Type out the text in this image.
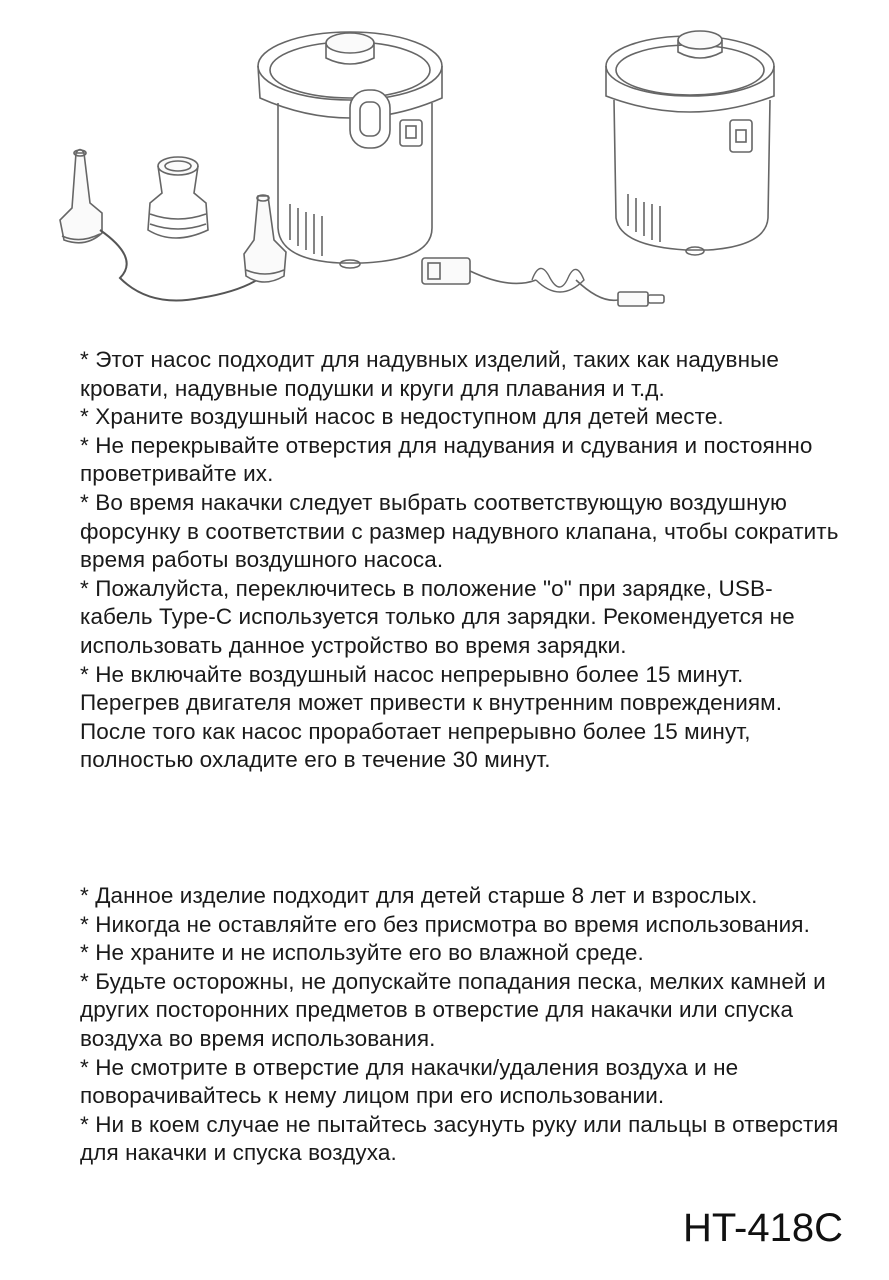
* Этот насос подходит для надувных изделий, таких как надувные кровати, надувные подушки и круги для плавания и т.д.

* Храните воздушный насос в недоступном для детей месте.

* Не перекрывайте отверстия для надувания и сдувания и постоянно проветривайте их.

* Во время накачки следует выбрать соответствующую воздушную форсунку в соответствии с размер надувного клапана, чтобы сократить время работы воздушного насоса.

* Пожалуйста, переключитесь в положение "o" при зарядке, USB-кабель Type-C используется только для зарядки. Рекомендуется не использовать данное устройство во время зарядки.

* Не включайте воздушный насос непрерывно более 15 минут. Перегрев двигателя может привести к внутренним повреждениям. После того как насос проработает непрерывно более 15 минут, полностью охладите его в течение 30 минут.

* Данное изделие подходит для детей старше 8 лет и взрослых.

* Никогда не оставляйте его без присмотра во время использования.

* Не храните и не используйте его во влажной среде.

* Будьте осторожны, не допускайте попадания песка, мелких камней и других посторонних предметов в отверстие для накачки или спуска воздуха во время использования.

* Не смотрите в отверстие для накачки/удаления воздуха и не поворачивайтесь к нему лицом при его использовании.

* Ни в коем случае не пытайтесь засунуть руку или пальцы в отверстия для накачки и спуска воздуха.

HT-418C
